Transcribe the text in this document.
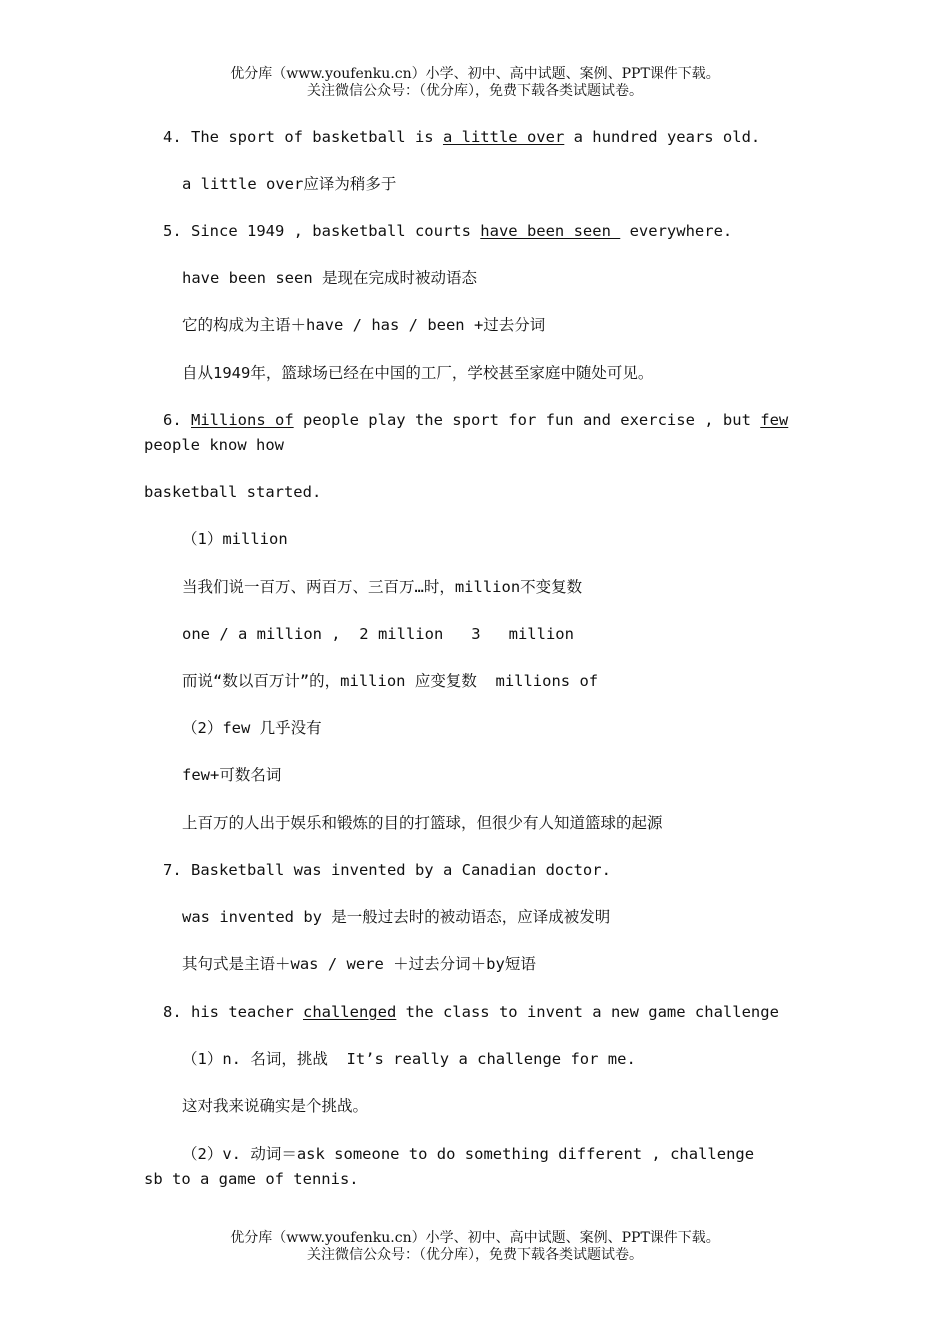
优分库（www.youfenku.cn）小学、初中、高中试题、案例、PPT课件下载。
关注微信公众号：（优分库），免费下载各类试题试卷。
4. The sport of basketball is a little over a hundred years old.
a little over应译为稍多于
5. Since 1949 , basketball courts have been seen  everywhere.
have been seen 是现在完成时被动语态
它的构成为主语＋have / has / been +过去分词
自从1949年，篮球场已经在中国的工厂，学校甚至家庭中随处可见。
6. Millions of people play the sport for fun and exercise , but few
people know how
basketball started.
（1）million
当我们说一百万、两百万、三百万…时，million不变复数
one / a million ,  2 million   3   million
而说“数以百万计”的，million 应变复数  millions of
（2）few 几乎没有
few+可数名词
上百万的人出于娱乐和锻炼的目的打篮球，但很少有人知道篮球的起源
7. Basketball was invented by a Canadian doctor.
was invented by 是一般过去时的被动语态，应译成被发明
其句式是主语＋was / were ＋过去分词＋by短语
8. his teacher challenged the class to invent a new game challenge
（1）n. 名词，挑战  It’s really a challenge for me.
这对我来说确实是个挑战。
（2）v. 动词＝ask someone to do something different , challenge
sb to a game of tennis.
优分库（www.youfenku.cn）小学、初中、高中试题、案例、PPT课件下载。
关注微信公众号：（优分库），免费下载各类试题试卷。
